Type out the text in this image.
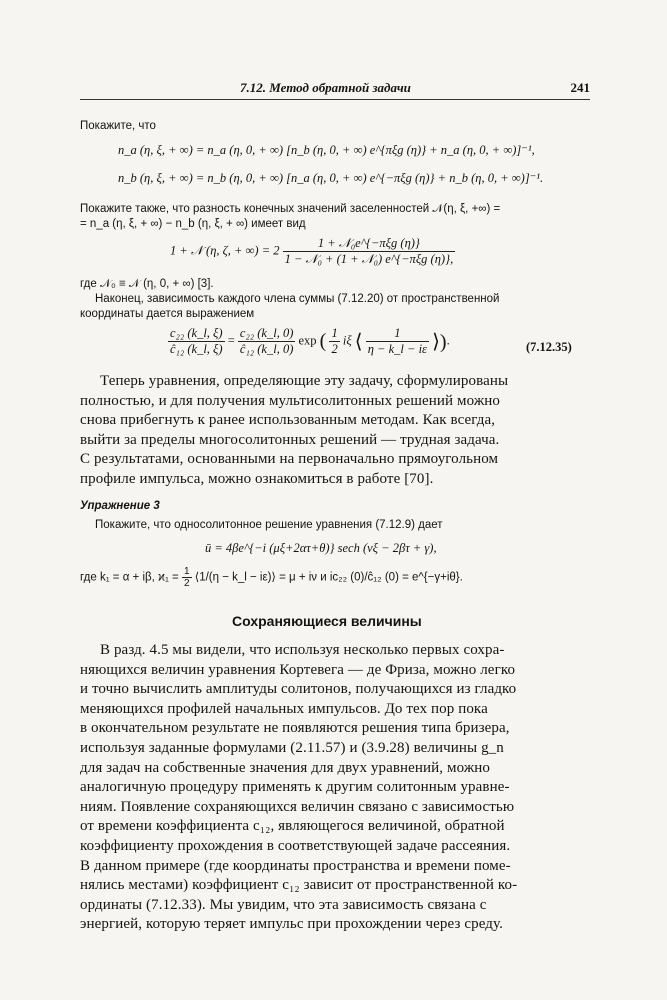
7.12. Метод обратной задачи	241
Покажите, что
n_a (η, ξ, + ∞) = n_a (η, 0, + ∞) [n_b (η, 0, + ∞) e^{πξg (η)} + n_a (η, 0, + ∞)]⁻¹,
n_b (η, ξ, + ∞) = n_b (η, 0, + ∞) [n_a (η, 0, + ∞) e^{−πξg (η)} + n_b (η, 0, + ∞)]⁻¹.
Покажите также, что разность конечных значений заселенностей 𝒩(η, ξ, +∞) =
= n_a (η, ξ, + ∞) − n_b (η, ξ, + ∞) имеет вид
1 + 𝒩 (η, ζ, + ∞) = $2 \frac{\text{1 + 𝒩₀e\textasciicircum{}\{−πξg (η)\}}}{\text{1 − 𝒩₀ + (1 + 𝒩₀) e\textasciicircum{}\{−πξg (η)\},}}$
где 𝒩₀ ≡ 𝒩 (η, 0, + ∞) [3].
Наконец, зависимость каждого члена суммы (7.12.20) от пространственной
координаты дается выражением
$\frac{\text{c₂₂ (k\_l, ξ)}}{\text{ĉ₁₂ (k\_l, ξ)}} = \frac{\text{c₂₂ (k\_l, 0)}}{\text{ĉ₁₂ (k\_l, 0)}}$ exp ( $\frac{1}{2}$ iξ ⟨ $\frac{1}{\eta - k\_l - i\varepsilon}$ ⟩).	(7.12.35)
Теперь уравнения, определяющие эту задачу, сформулированы
полностью, и для получения мультисолитонных решений можно
снова прибегнуть к ранее использованным методам. Как всегда,
выйти за пределы многосолитонных решений — трудная задача.
С результатами, основанными на первоначально прямоугольном
профиле импульса, можно ознакомиться в работе [70].
Упражнение 3
Покажите, что односолитонное решение уравнения (7.12.9) дает
ū = 4βe^{−i (μξ+2ατ+θ)} sech (νξ − 2βτ + γ),
где k₁ = α + iβ, $ϰ_1 = \frac{1}{2}$ ⟨1/(η − k_l − iε)⟩ = μ + iν и ic₂₂ (0)/ĉ₁₂ (0) = e^{−γ+iθ}.
Сохраняющиеся величины
В разд. 4.5 мы видели, что используя несколько первых сохра-
няющихся величин уравнения Кортевега — де Фриза, можно легко
и точно вычислить амплитуды солитонов, получающихся из гладко
меняющихся профилей начальных импульсов. До тех пор пока
в окончательном результате не появляются решения типа бризера,
используя заданные формулами (2.11.57) и (3.9.28) величины g_n
для задач на собственные значения для двух уравнений, можно
аналогичную процедуру применять к другим солитонным уравне-
ниям. Появление сохраняющихся величин связано с зависимостью
от времени коэффициента c₁₂, являющегося величиной, обратной
коэффициенту прохождения в соответствующей задаче рассеяния.
В данном примере (где координаты пространства и времени поме-
нялись местами) коэффициент c₁₂ зависит от пространственной ко-
ординаты (7.12.33). Мы увидим, что эта зависимость связана с
энергией, которую теряет импульс при прохождении через среду.
